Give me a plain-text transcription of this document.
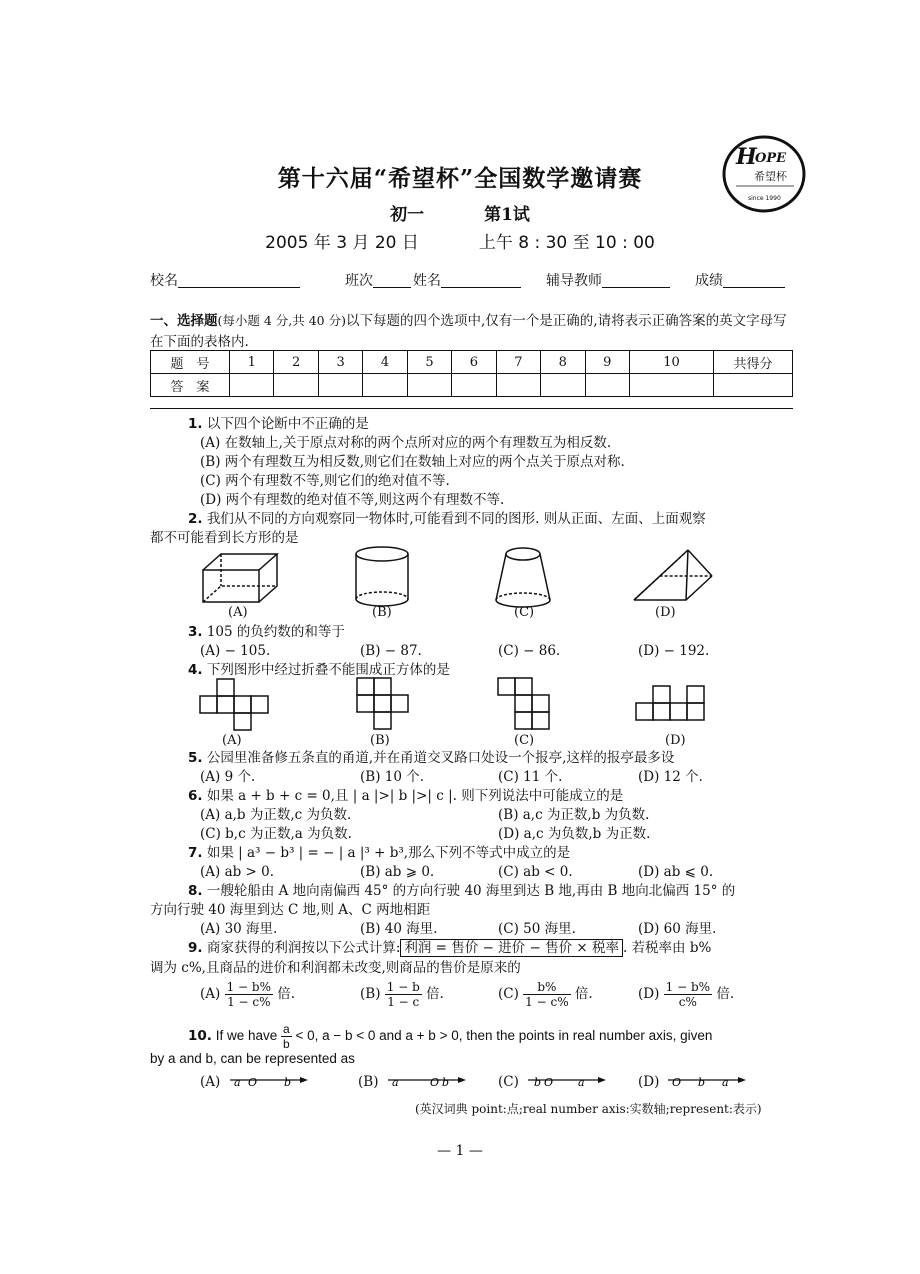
H
OPE
希望杯
since 1990
第十六届“希望杯”全国数学邀请赛
初一	第1试
2005 年 3 月 20 日	上午 8 : 30 至 10 : 00
校名	班次	姓名	辅导教师	成绩
一、选择题(每小题 4 分,共 40 分)以下每题的四个选项中,仅有一个是正确的,请将表示正确答案的英文字母写在下面的表格内.
题　号	1	2	3	4	5	6	7	8	9	10	共得分
答　案											
1. 以下四个论断中不正确的是
(A) 在数轴上,关于原点对称的两个点所对应的两个有理数互为相反数.
(B) 两个有理数互为相反数,则它们在数轴上对应的两个点关于原点对称.
(C) 两个有理数不等,则它们的绝对值不等.
(D) 两个有理数的绝对值不等,则这两个有理数不等.
2. 我们从不同的方向观察同一物体时,可能看到不同的图形. 则从正面、左面、上面观察
都不可能看到长方形的是
(A)	(B)	(C)	(D)
3. 105 的负约数的和等于
(A) − 105.	(B) − 87.	(C) − 86.	(D) − 192.
4. 下列图形中经过折叠不能围成正方体的是
(A)	(B)	(C)	(D)
5. 公园里准备修五条直的甬道,并在甬道交叉路口处设一个报亭,这样的报亭最多设
(A) 9 个.	(B) 10 个.	(C) 11 个.	(D) 12 个.
6. 如果 a + b + c = 0,且 | a |>| b |>| c |. 则下列说法中可能成立的是
(A) a,b 为正数,c 为负数.	(B) a,c 为正数,b 为负数.
(C) b,c 为正数,a 为负数.	(D) a,c 为负数,b 为正数.
7. 如果 | a³ − b³ | = − | a |³ + b³,那么下列不等式中成立的是
(A) ab > 0.	(B) ab ⩾ 0.	(C) ab < 0.	(D) ab ⩽ 0.
8. 一艘轮船由 A 地向南偏西 45° 的方向行驶 40 海里到达 B 地,再由 B 地向北偏西 15° 的
方向行驶 40 海里到达 C 地,则 A、C 两地相距
(A) 30 海里.	(B) 40 海里.	(C) 50 海里.	(D) 60 海里.
9. 商家获得的利润按以下公式计算: 利润 = 售价 − 进价 − 售价 × 税率 . 若税率由 b%
调为 c%,且商品的进价和利润都未改变,则商品的售价是原来的
$(A) \frac{1 - b\%}{1 - c\%}$ 倍.	$(B) \frac{1 - b}{1 - c}$ 倍.	$(C) \frac{b\%}{1 - c\%}$ 倍.	$(D) \frac{1 - b\%}{c\%}$ 倍.
10. If we have $\frac{a}{b} < 0$, a − b < 0 and a + b > 0, then the points in real number axis, given
by a and b, can be represented as
(A) a O b	(B) a	O b	(C) b O a	(D) O b a
(英汉词典 point:点;real number axis:实数轴;represent:表示)
— 1 —
